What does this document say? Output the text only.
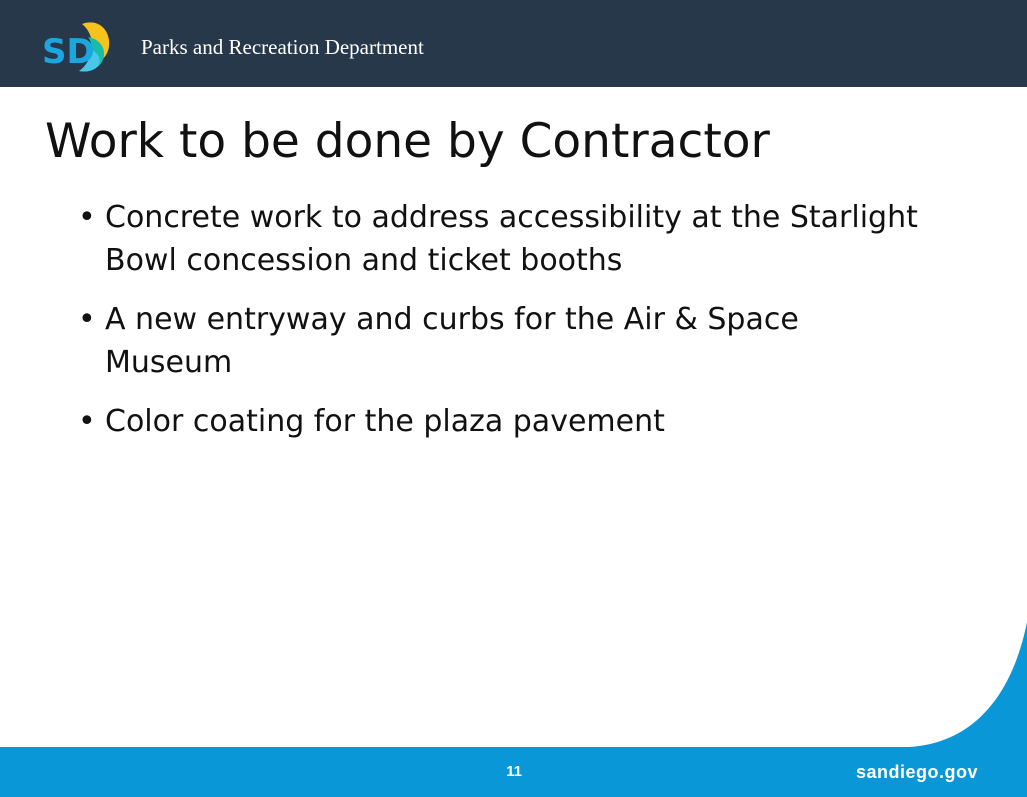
SD Parks and Recreation Department
Work to be done by Contractor
• Concrete work to address accessibility at the Starlight Bowl concession and ticket booths
• A new entryway and curbs for the Air & Space Museum
• Color coating for the plaza pavement
11	sandiego.gov
